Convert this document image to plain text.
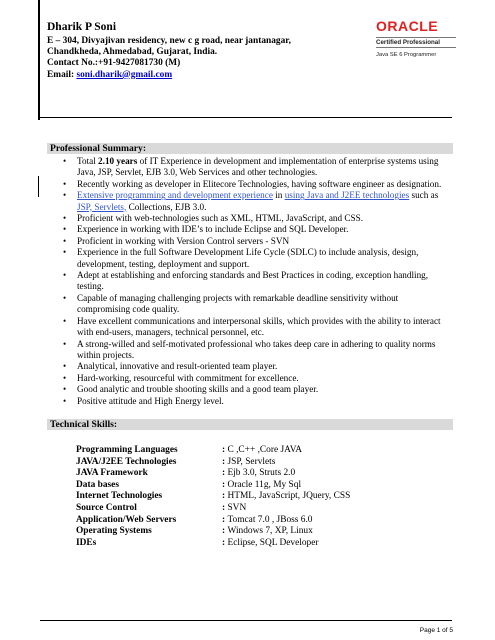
Dharik P Soni
E – 304, Divyajivan residency, new c g road, near jantanagar,
Chandkheda, Ahmedabad, Gujarat, India.
Contact No.:+91-9427081730 (M)
Email: soni.dharik@gmail.com
ORACLE
Certified Professional
Java SE 6 Programmer
Professional Summary:
• Total 2.10 years of IT Experience in development and implementation of enterprise systems using Java, JSP, Servlet, EJB 3.0, Web Services and other technologies.
• Recently working as developer in Elitecore Technologies, having software engineer as designation.
• Extensive programming and development experience in using Java and J2EE technologies such as JSP, Servlets, Collections, EJB 3.0.
• Proficient with web-technologies such as XML, HTML, JavaScript, and CSS.
• Experience in working with IDE’s to include Eclipse and SQL Developer.
• Proficient in working with Version Control servers - SVN
• Experience in the full Software Development Life Cycle (SDLC) to include analysis, design, development, testing, deployment and support.
• Adept at establishing and enforcing standards and Best Practices in coding, exception handling, testing.
• Capable of managing challenging projects with remarkable deadline sensitivity without compromising code quality.
• Have excellent communications and interpersonal skills, which provides with the ability to interact with end-users, managers, technical personnel, etc.
• A strong-willed and self-motivated professional who takes deep care in adhering to quality norms within projects.
• Analytical, innovative and result-oriented team player.
• Hard-working, resourceful with commitment for excellence.
• Good analytic and trouble shooting skills and a good team player.
• Positive attitude and High Energy level.
Technical Skills:
Programming Languages	: C ,C++ ,Core JAVA
JAVA/J2EE Technologies	: JSP, Servlets
JAVA Framework	: Ejb 3.0, Struts 2.0
Data bases	: Oracle 11g, My Sql
Internet Technologies	: HTML, JavaScript, JQuery, CSS
Source Control	: SVN
Application/Web Servers	: Tomcat 7.0 , JBoss 6.0
Operating Systems	: Windows 7, XP, Linux
IDEs	: Eclipse, SQL Developer
Page 1 of 5
